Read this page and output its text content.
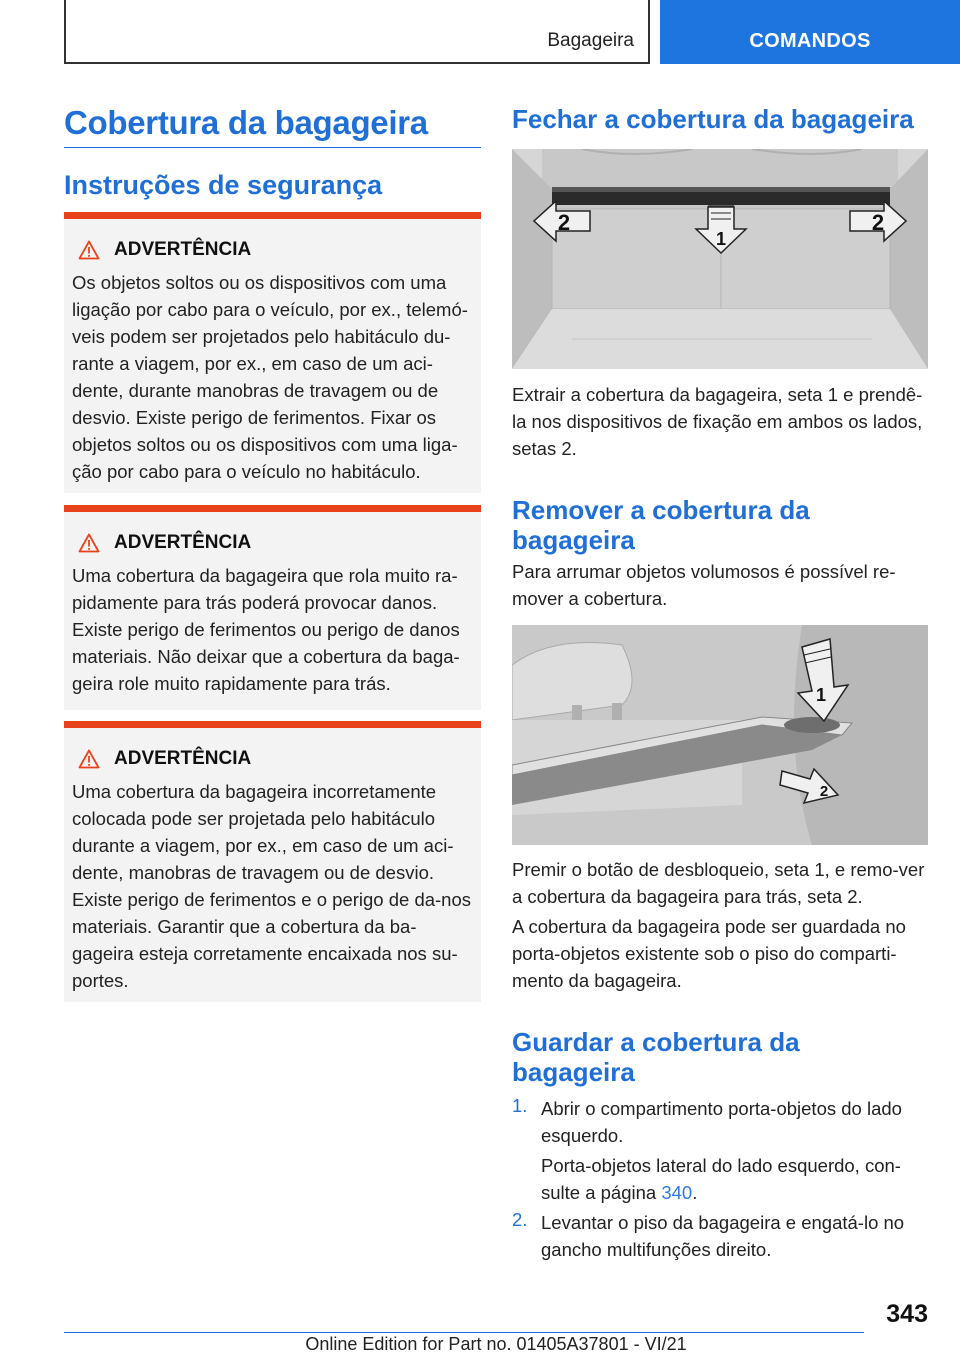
Bagageira	COMANDOS
Cobertura da bagageira
Instruções de segurança
ADVERTÊNCIA

Os objetos soltos ou os dispositivos com uma ligação por cabo para o veículo, por ex., telemó-veis podem ser projetados pelo habitáculo du-rante a viagem, por ex., em caso de um aci-dente, durante manobras de travagem ou de desvio. Existe perigo de ferimentos. Fixar os objetos soltos ou os dispositivos com uma liga-ção por cabo para o veículo no habitáculo.

ADVERTÊNCIA

Uma cobertura da bagageira que rola muito ra-pidamente para trás poderá provocar danos. Existe perigo de ferimentos ou perigo de danos materiais. Não deixar que a cobertura da baga-geira role muito rapidamente para trás.

ADVERTÊNCIA

Uma cobertura da bagageira incorretamente colocada pode ser projetada pelo habitáculo durante a viagem, por ex., em caso de um aci-dente, manobras de travagem ou de desvio. Existe perigo de ferimentos e o perigo de da-nos materiais. Garantir que a cobertura da ba-gageira esteja corretamente encaixada nos su-portes.

Fechar a cobertura da bagageira
2
1
2
Extrair a cobertura da bagageira, seta 1 e prendê-la nos dispositivos de fixação em ambos os lados, setas 2.
Remover a cobertura da bagageira
Para arrumar objetos volumosos é possível re-mover a cobertura.
1
2
Premir o botão de desbloqueio, seta 1, e remo-ver a cobertura da bagageira para trás, seta 2.
A cobertura da bagageira pode ser guardada no porta-objetos existente sob o piso do comparti-mento da bagageira.
Guardar a cobertura da bagageira
1. Abrir o compartimento porta-objetos do lado esquerdo.
Porta-objetos lateral do lado esquerdo, con-sulte a página 340.
2. Levantar o piso da bagageira e engatá-lo no gancho multifunções direito.
343
Online Edition for Part no. 01405A37801 - VI/21
